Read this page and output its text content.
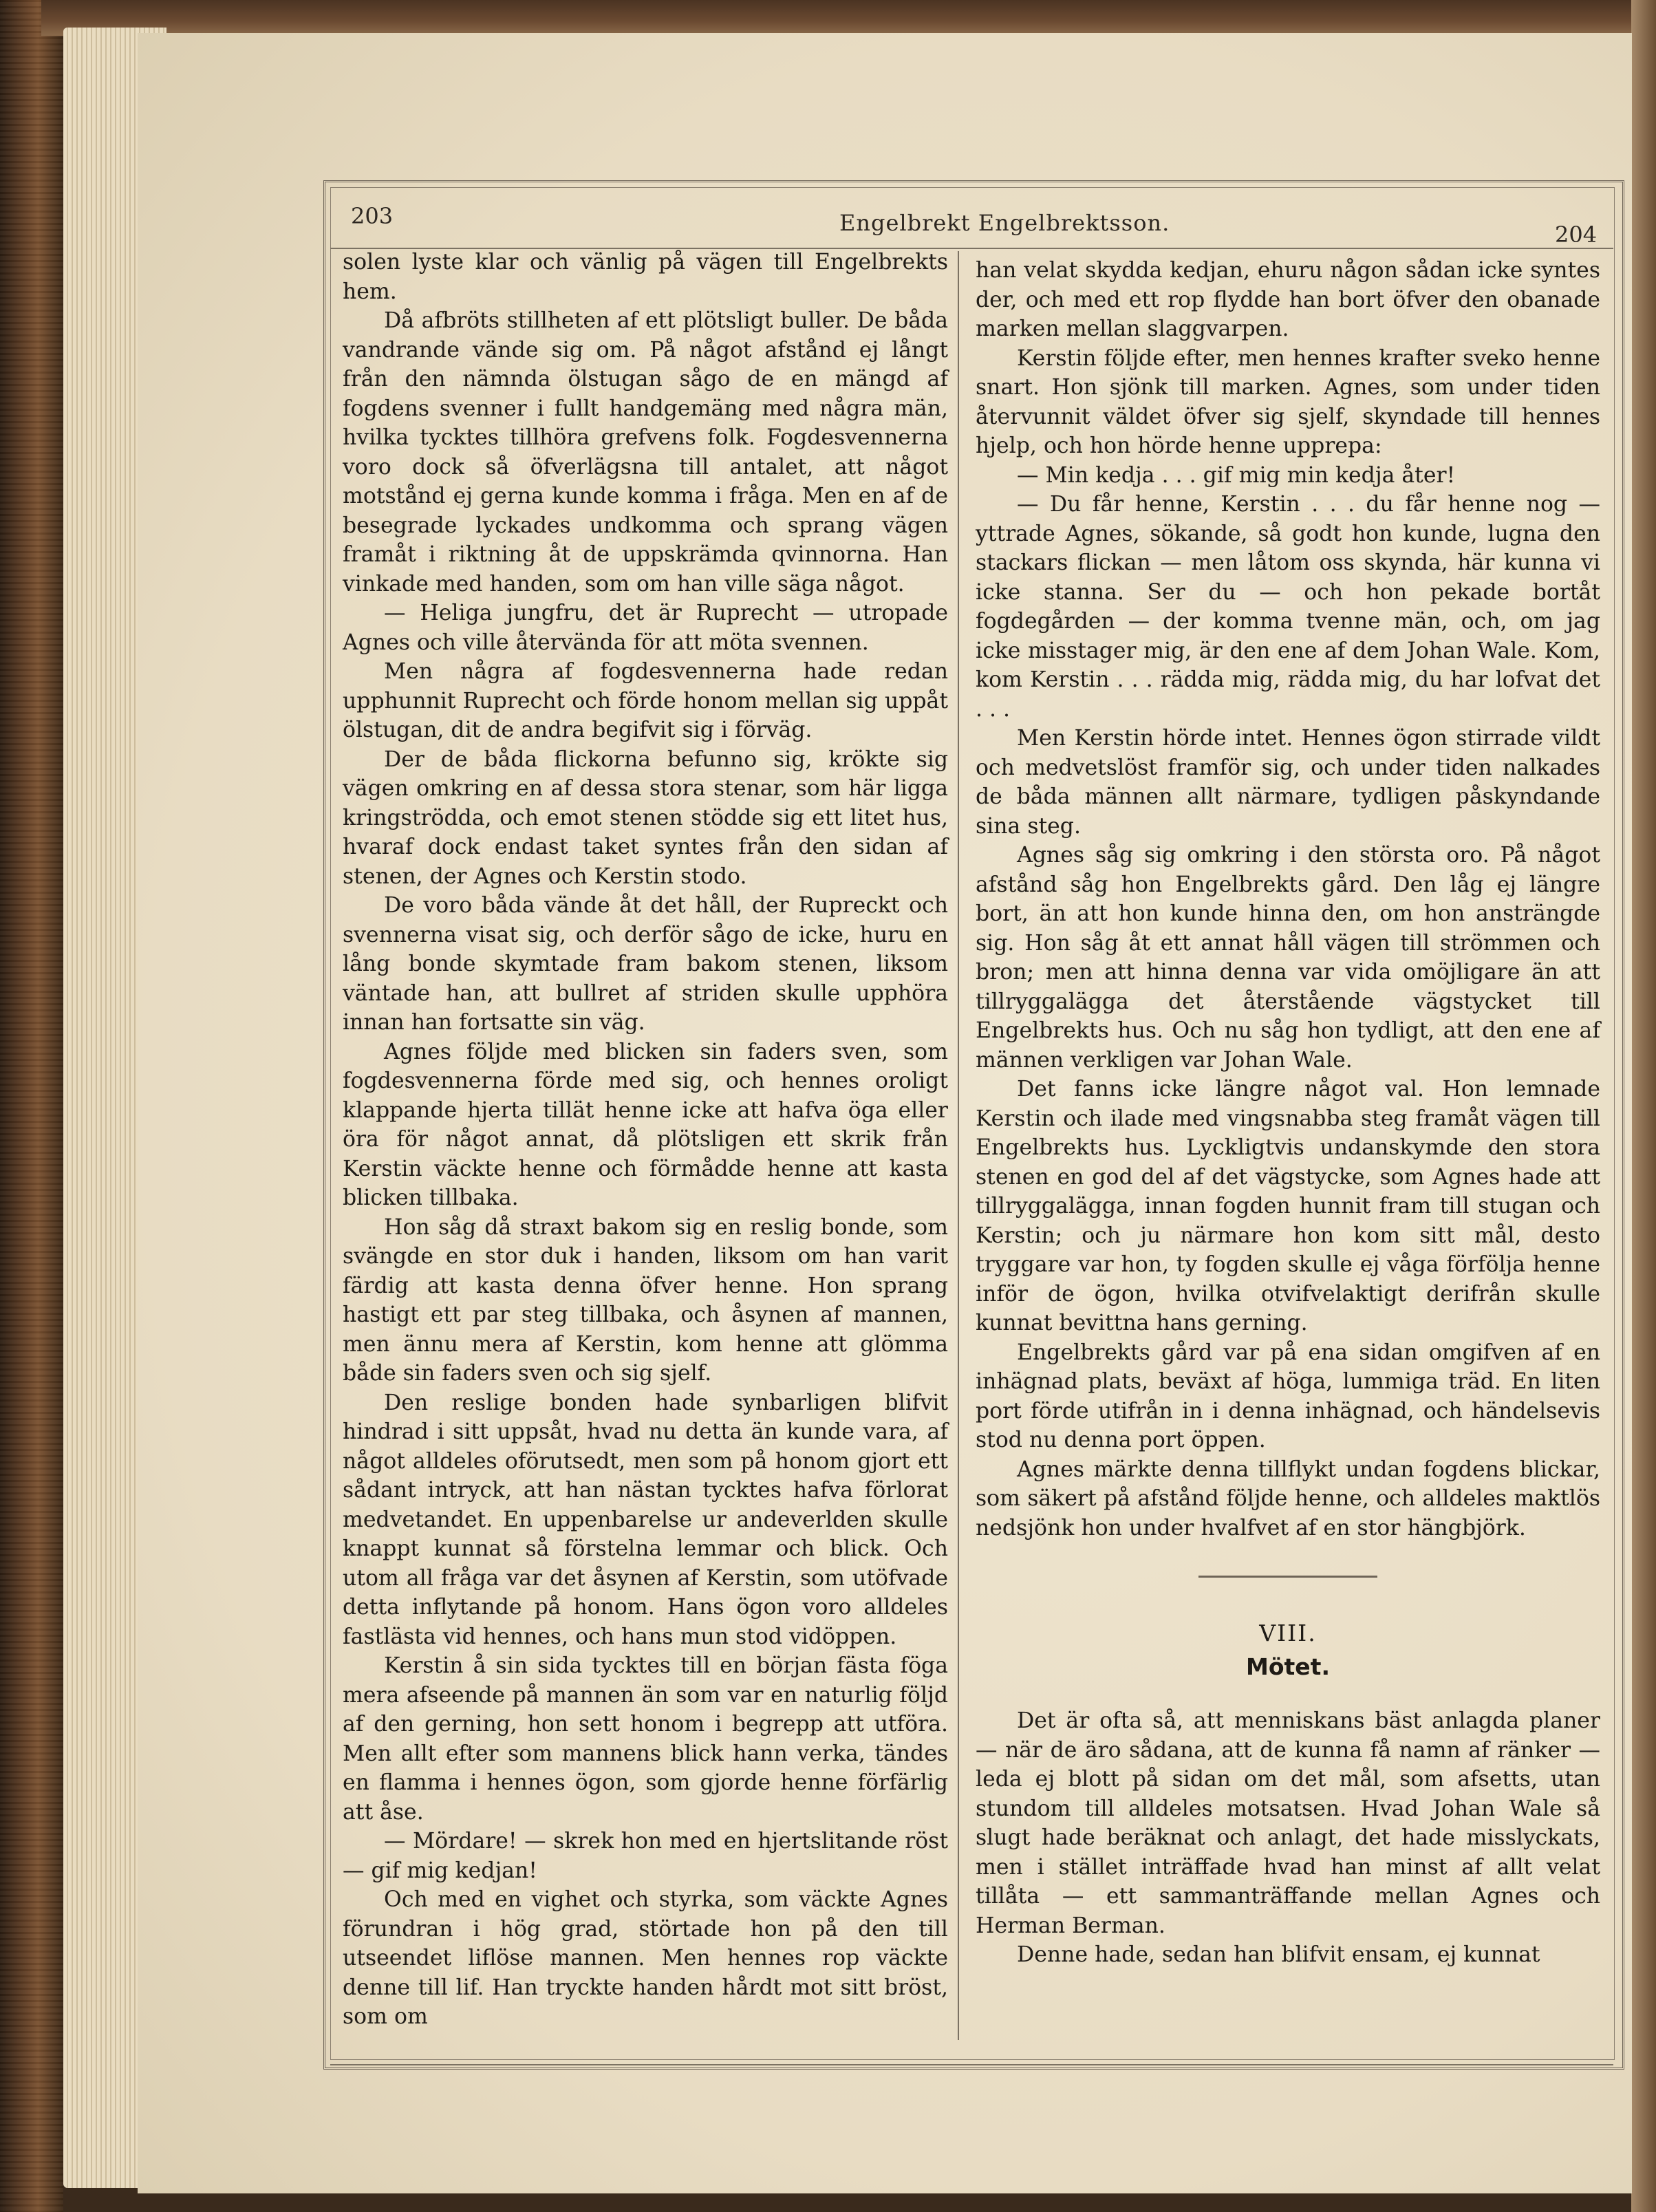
203	Engelbrekt Engelbrektsson.	204

solen lyste klar och vänlig på vägen till Engelbrekts hem.

Då afbröts stillheten af ett plötsligt buller. De båda vandrande vände sig om. På något afstånd ej långt från den nämnda ölstugan sågo de en mängd af fogdens svenner i fullt handgemäng med några män, hvilka tycktes tillhöra grefvens folk. Fogdesvennerna voro dock så öfverlägsna till antalet, att något motstånd ej gerna kunde komma i fråga. Men en af de besegrade lyckades undkomma och sprang vägen framåt i riktning åt de uppskrämda qvinnorna. Han vinkade med handen, som om han ville säga något.

— Heliga jungfru, det är Ruprecht — utropade Agnes och ville återvända för att möta svennen.

Men några af fogdesvennerna hade redan upphunnit Ruprecht och förde honom mellan sig uppåt ölstugan, dit de andra begifvit sig i förväg.

Der de båda flickorna befunno sig, krökte sig vägen omkring en af dessa stora stenar, som här ligga kringströdda, och emot stenen stödde sig ett litet hus, hvaraf dock endast taket syntes från den sidan af stenen, der Agnes och Kerstin stodo.

De voro båda vände åt det håll, der Rupreckt och svennerna visat sig, och derför sågo de icke, huru en lång bonde skymtade fram bakom stenen, liksom väntade han, att bullret af striden skulle upphöra innan han fortsatte sin väg.

Agnes följde med blicken sin faders sven, som fogdesvennerna förde med sig, och hennes oroligt klappande hjerta tillät henne icke att hafva öga eller öra för något annat, då plötsligen ett skrik från Kerstin väckte henne och förmådde henne att kasta blicken tillbaka.

Hon såg då straxt bakom sig en reslig bonde, som svängde en stor duk i handen, liksom om han varit färdig att kasta denna öfver henne. Hon sprang hastigt ett par steg tillbaka, och åsynen af mannen, men ännu mera af Kerstin, kom henne att glömma både sin faders sven och sig sjelf.

Den reslige bonden hade synbarligen blifvit hindrad i sitt uppsåt, hvad nu detta än kunde vara, af något alldeles oförutsedt, men som på honom gjort ett sådant intryck, att han nästan tycktes hafva förlorat medvetandet. En uppenbarelse ur andeverlden skulle knappt kunnat så förstelna lemmar och blick. Och utom all fråga var det åsynen af Kerstin, som utöfvade detta inflytande på honom. Hans ögon voro alldeles fastlästa vid hennes, och hans mun stod vidöppen.

Kerstin å sin sida tycktes till en början fästa föga mera afseende på mannen än som var en naturlig följd af den gerning, hon sett honom i begrepp att utföra. Men allt efter som mannens blick hann verka, tändes en flamma i hennes ögon, som gjorde henne förfärlig att åse.

— Mördare! — skrek hon med en hjertslitande röst — gif mig kedjan!

Och med en vighet och styrka, som väckte Agnes förundran i hög grad, störtade hon på den till utseendet liflöse mannen. Men hennes rop väckte denne till lif. Han tryckte handen hårdt mot sitt bröst, som om

han velat skydda kedjan, ehuru någon sådan icke syntes der, och med ett rop flydde han bort öfver den obanade marken mellan slaggvarpen.

Kerstin följde efter, men hennes krafter sveko henne snart. Hon sjönk till marken. Agnes, som under tiden återvunnit väldet öfver sig sjelf, skyndade till hennes hjelp, och hon hörde henne upprepa:

— Min kedja . . . gif mig min kedja åter!

— Du får henne, Kerstin . . . du får henne nog — yttrade Agnes, sökande, så godt hon kunde, lugna den stackars flickan — men låtom oss skynda, här kunna vi icke stanna. Ser du — och hon pekade bortåt fogdegården — der komma tvenne män, och, om jag icke misstager mig, är den ene af dem Johan Wale. Kom, kom Kerstin . . . rädda mig, rädda mig, du har lofvat det . . .

Men Kerstin hörde intet. Hennes ögon stirrade vildt och medvetslöst framför sig, och under tiden nalkades de båda männen allt närmare, tydligen påskyndande sina steg.

Agnes såg sig omkring i den största oro. På något afstånd såg hon Engelbrekts gård. Den låg ej längre bort, än att hon kunde hinna den, om hon ansträngde sig. Hon såg åt ett annat håll vägen till strömmen och bron; men att hinna denna var vida omöjligare än att tillryggalägga det återstående vägstycket till Engelbrekts hus. Och nu såg hon tydligt, att den ene af männen verkligen var Johan Wale.

Det fanns icke längre något val. Hon lemnade Kerstin och ilade med vingsnabba steg framåt vägen till Engelbrekts hus. Lyckligtvis undanskymde den stora stenen en god del af det vägstycke, som Agnes hade att tillryggalägga, innan fogden hunnit fram till stugan och Kerstin; och ju närmare hon kom sitt mål, desto tryggare var hon, ty fogden skulle ej våga förfölja henne inför de ögon, hvilka otvifvelaktigt derifrån skulle kunnat bevittna hans gerning.

Engelbrekts gård var på ena sidan omgifven af en inhägnad plats, beväxt af höga, lummiga träd. En liten port förde utifrån in i denna inhägnad, och händelsevis stod nu denna port öppen.

Agnes märkte denna tillflykt undan fogdens blickar, som säkert på afstånd följde henne, och alldeles maktlös nedsjönk hon under hvalfvet af en stor hängbjörk.

VIII.
Mötet.

Det är ofta så, att menniskans bäst anlagda planer — när de äro sådana, att de kunna få namn af ränker — leda ej blott på sidan om det mål, som afsetts, utan stundom till alldeles motsatsen. Hvad Johan Wale så slugt hade beräknat och anlagt, det hade misslyckats, men i stället inträffade hvad han minst af allt velat tillåta — ett sammanträffande mellan Agnes och Herman Berman.

Denne hade, sedan han blifvit ensam, ej kunnat
